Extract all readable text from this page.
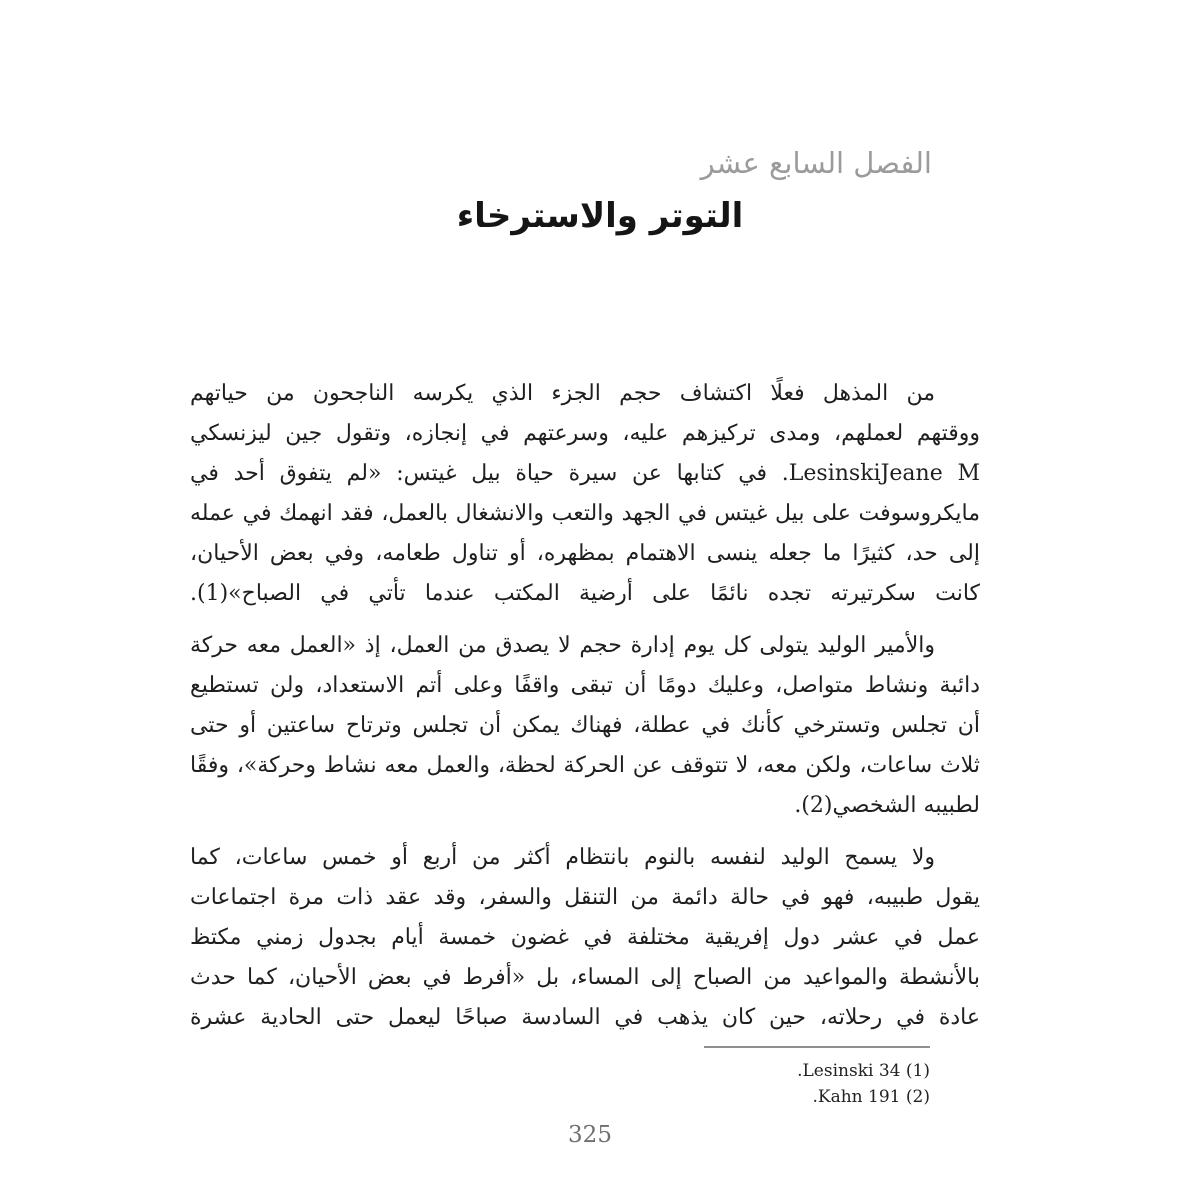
الفصل السابع عشر
التوتر والاسترخاء
من المذهل فعلًا اكتشاف حجم الجزء الذي يكرسه الناجحون من حياتهم
ووقتهم لعملهم، ومدى تركيزهم عليه، وسرعتهم في إنجازه، وتقول جين ليزنسكي
LesinskiJeane M. في كتابها عن سيرة حياة بيل غيتس: «لم يتفوق أحد في
مايكروسوفت على بيل غيتس في الجهد والتعب والانشغال بالعمل، فقد انهمك في عمله
إلى حد، كثيرًا ما جعله ينسى الاهتمام بمظهره، أو تناول طعامه، وفي بعض الأحيان،
كانت سكرتيرته تجده نائمًا على أرضية المكتب عندما تأتي في الصباح»(1).
والأمير الوليد يتولى كل يوم إدارة حجم لا يصدق من العمل، إذ «العمل معه حركة
دائبة ونشاط متواصل، وعليك دومًا أن تبقى واقفًا وعلى أتم الاستعداد، ولن تستطيع
أن تجلس وتسترخي كأنك في عطلة، فهناك يمكن أن تجلس وترتاح ساعتين أو حتى
ثلاث ساعات، ولكن معه، لا تتوقف عن الحركة لحظة، والعمل معه نشاط وحركة»، وفقًا
لطبيبه الشخصي(2).
ولا يسمح الوليد لنفسه بالنوم بانتظام أكثر من أربع أو خمس ساعات، كما
يقول طبيبه، فهو في حالة دائمة من التنقل والسفر، وقد عقد ذات مرة اجتماعات
عمل في عشر دول إفريقية مختلفة في غضون خمسة أيام بجدول زمني مكتظ
بالأنشطة والمواعيد من الصباح إلى المساء، بل «أفرط في بعض الأحيان، كما حدث
عادة في رحلاته، حين كان يذهب في السادسة صباحًا ليعمل حتى الحادية عشرة
(1) Lesinski 34.
(2) Kahn 191.
325
